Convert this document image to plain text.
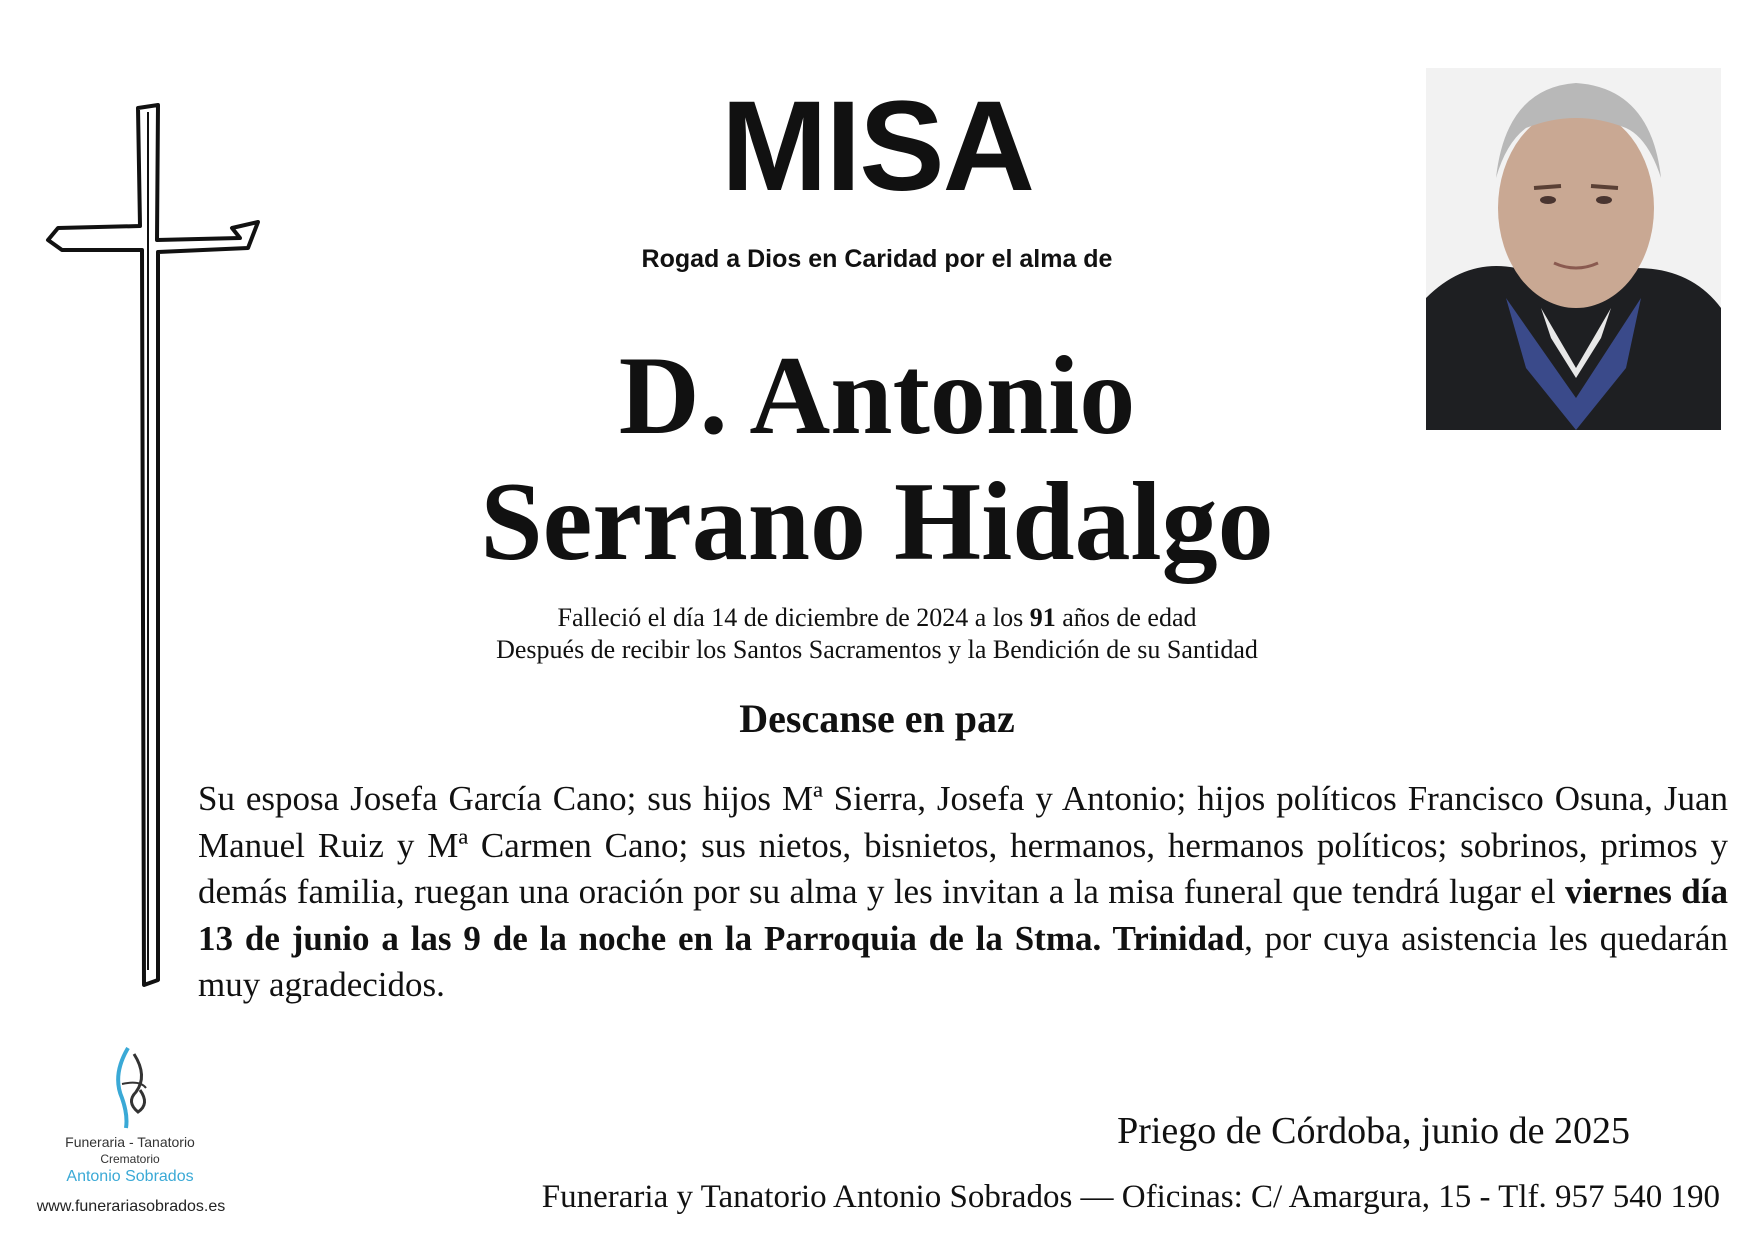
MISA
Rogad a Dios en Caridad por el alma de
D. Antonio
Serrano Hidalgo
Falleció el día 14 de diciembre de 2024 a los 91 años de edad
Después de recibir los Santos Sacramentos y la Bendición de su Santidad
Descanse en paz

Su esposa Josefa García Cano; sus hijos Mª Sierra, Josefa y Antonio; hijos políticos Francisco Osuna, Juan Manuel Ruiz y Mª Carmen Cano; sus nietos, bisnietos, hermanos, hermanos políticos; sobrinos, primos y demás familia, ruegan una oración por su alma y les invitan a la misa funeral que tendrá lugar el viernes día 13 de junio a las 9 de la noche en la Parroquia de la Stma. Trinidad, por cuya asistencia les quedarán muy agradecidos.

Priego de Córdoba, junio de 2025
Funeraria y Tanatorio Antonio Sobrados — Oficinas: C/ Amargura, 15 - Tlf. 957 540 190
Funeraria - Tanatorio
Crematorio
Antonio Sobrados
www.funerariasobrados.es
